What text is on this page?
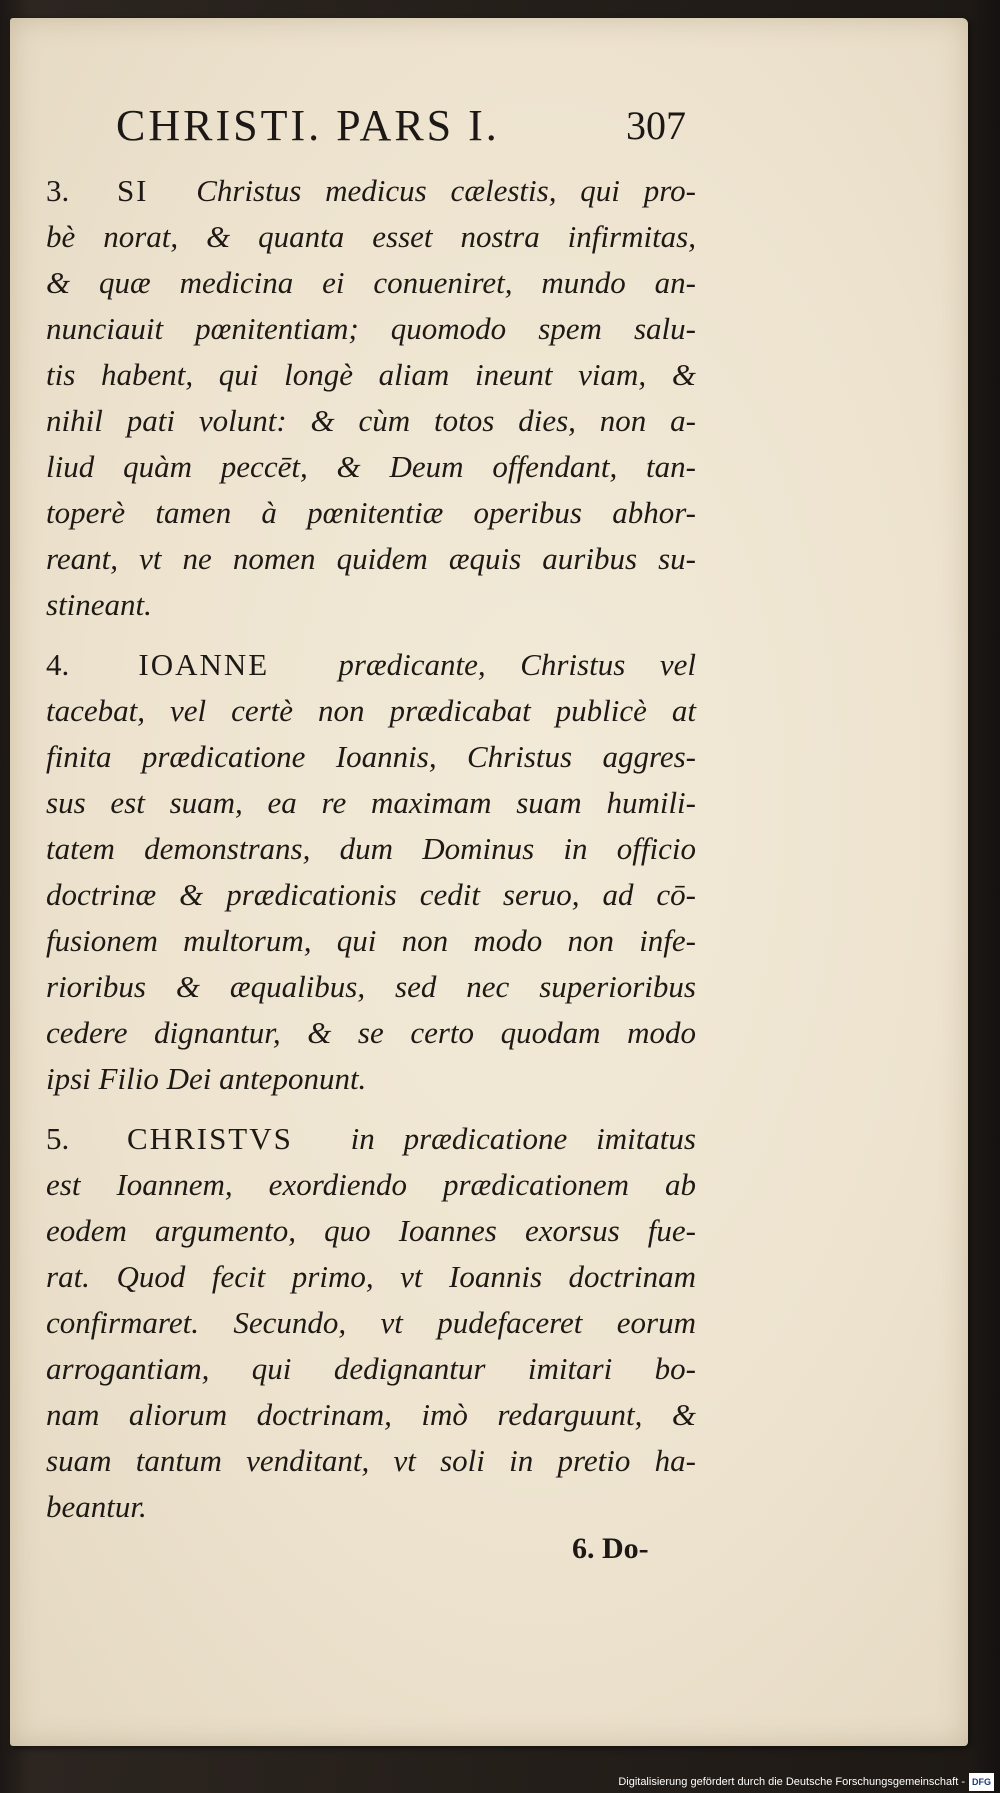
CHRISTI. PARS I.	307
3. SI Christus medicus cælestis, qui pro-
bè norat, & quanta esset nostra infirmitas,
& quæ medicina ei conueniret, mundo an-
nunciauit pœnitentiam; quomodo spem salu-
tis habent, qui longè aliam ineunt viam, &
nihil pati volunt: & cùm totos dies, non a-
liud quàm peccēt, & Deum offendant, tan-
toperè tamen à pœnitentiæ operibus abhor-
reant, vt ne nomen quidem æquis auribus su-
stineant.
4. IOANNE prædicante, Christus vel
tacebat, vel certè non prædicabat publicè at
finita prædicatione Ioannis, Christus aggres-
sus est suam, ea re maximam suam humili-
tatem demonstrans, dum Dominus in officio
doctrinæ & prædicationis cedit seruo, ad cō-
fusionem multorum, qui non modo non infe-
rioribus & æqualibus, sed nec superioribus
cedere dignantur, & se certo quodam modo
ipsi Filio Dei anteponunt.
5. CHRISTVS in prædicatione imitatus
est Ioannem, exordiendo prædicationem ab
eodem argumento, quo Ioannes exorsus fue-
rat. Quod fecit primo, vt Ioannis doctrinam
confirmaret. Secundo, vt pudefaceret eorum
arrogantiam, qui dedignantur imitari bo-
nam aliorum doctrinam, imò redarguunt, &
suam tantum venditant, vt soli in pretio ha-
beantur.
6. Do-
Digitalisierung gefördert durch die Deutsche Forschungsgemeinschaft - DFG
